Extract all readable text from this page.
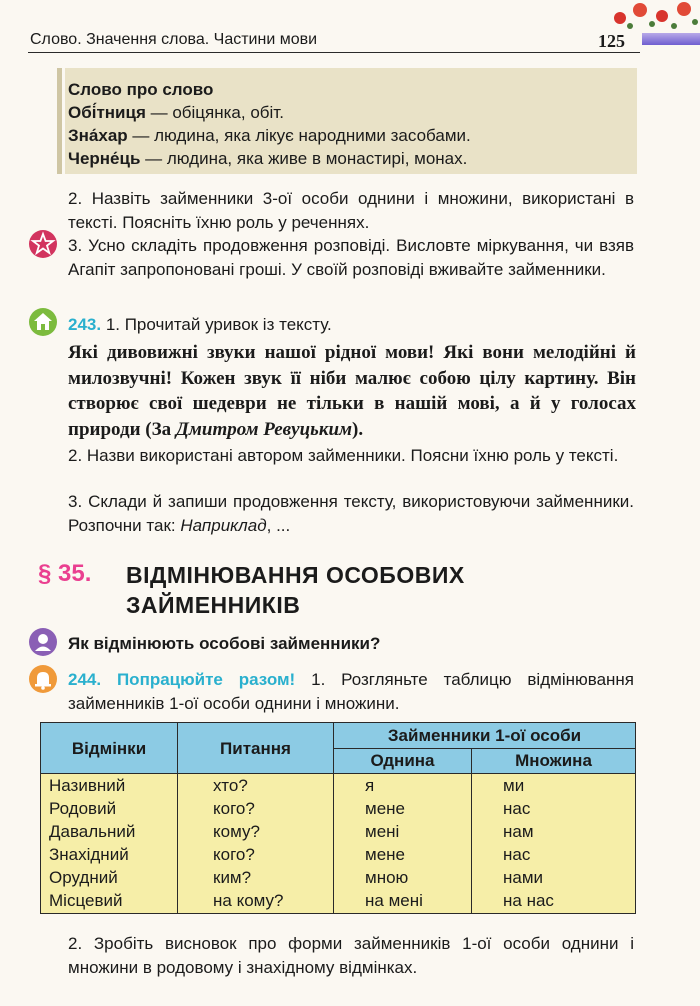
Слово. Значення слова. Частини мови	125
Слово про слово
Обі́тниця — обіцянка, обіт.
Зна́хар — людина, яка лікує народними засобами.
Черне́ць — людина, яка живе в монастирі, монах.
2. Назвіть займенники 3-ої особи однини і множини, використані в тексті. Поясніть їхню роль у реченнях.
3. Усно складіть продовження розповіді. Висловте міркування, чи взяв Агапіт запропоновані гроші. У своїй розповіді вживайте займенники.
243. 1. Прочитай уривок із тексту.
Які дивовижні звуки нашої рідної мови! Які вони мелодійні й милозвучні! Кожен звук її ніби малює собою цілу картину. Він створює свої шедеври не тільки в нашій мові, а й у голосах природи (За Дмитром Ревуцьким).
2. Назви використані автором займенники. Поясни їхню роль у тексті.
3. Склади й запиши продовження тексту, використовуючи займенники. Розпочни так: Наприклад, ...
§ 35. ВІДМІНЮВАННЯ ОСОБОВИХ ЗАЙМЕННИКІВ
Як відмінюють особові займенники?
244. Попрацюйте разом! 1. Розгляньте таблицю відмінювання займенників 1-ої особи однини і множини.
Відмінки	Питання
Займенники 1-ої особи
Однина	Множина
Називний	хто?	я	ми
Родовий	кого?	мене	нас
Давальний	кому?	мені	нам
Знахідний	кого?	мене	нас
Орудний	ким?	мною	нами
Місцевий	на кому?	на мені	на нас
2. Зробіть висновок про форми займенників 1-ої особи однини і множини в родовому і знахідному відмінках.
